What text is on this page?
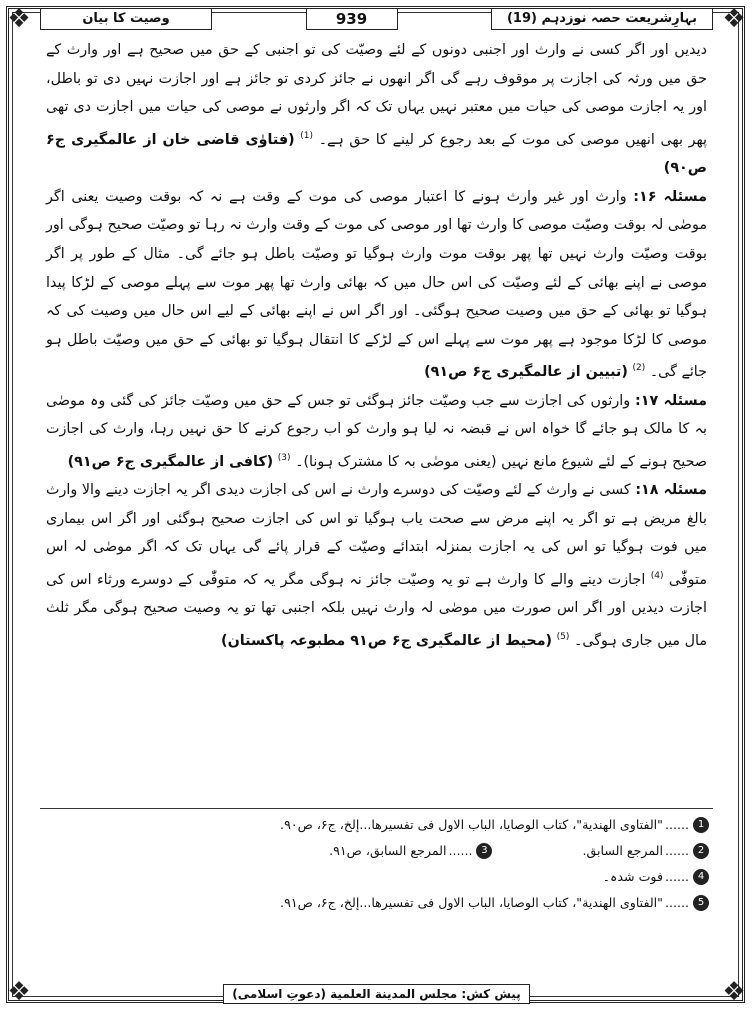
❖	❖
❖	❖
وصیت کا بیان	939	بہارِشریعت حصہ نوزدہم (19)

دیدیں اور اگر کسی نے وارث اور اجنبی دونوں کے لئے وصیّت کی تو اجنبی کے حق میں صحیح ہے اور وارث کے حق میں ورثہ کی اجازت پر موقوف رہے گی اگر انھوں نے جائز کردی تو جائز ہے اور اجازت نہیں دی تو باطل، اور یہ اجازت موصی کی حیات میں معتبر نہیں یہاں تک کہ اگر وارثوں نے موصی کی حیات میں اجازت دی تھی پھر بھی انھیں موصی کی موت کے بعد رجوع کر لینے کا حق ہے۔ $^{(1)}$ (فتاوٰی قاضی خان از عالمگیری ج۶ ص۹۰)

مسئلہ ۱۶: وارث اور غیر وارث ہونے کا اعتبار موصی کی موت کے وقت ہے نہ کہ بوقت وصیت یعنی اگر موصٰی لہ بوقت وصیّت موصی کا وارث تھا اور موصی کی موت کے وقت وارث نہ رہا تو وصیّت صحیح ہوگی اور بوقت وصیّت وارث نہیں تھا پھر بوقت موت وارث ہوگیا تو وصیّت باطل ہو جائے گی۔ مثال کے طور پر اگر موصی نے اپنے بھائی کے لئے وصیّت کی اس حال میں کہ بھائی وارث تھا پھر موت سے پہلے موصی کے لڑکا پیدا ہوگیا تو بھائی کے حق میں وصیت صحیح ہوگئی۔ اور اگر اس نے اپنے بھائی کے لیے اس حال میں وصیت کی کہ موصی کا لڑکا موجود ہے پھر موت سے پہلے اس کے لڑکے کا انتقال ہوگیا تو بھائی کے حق میں وصیّت باطل ہو جائے گی۔ $^{(2)}$ (تبیین از عالمگیری ج۶ ص۹۱)

مسئلہ ۱۷: وارثوں کی اجازت سے جب وصیّت جائز ہوگئی تو جس کے حق میں وصیّت جائز کی گئی وہ موصٰی بہ کا مالک ہو جائے گا خواہ اس نے قبضہ نہ لیا ہو وارث کو اب رجوع کرنے کا حق نہیں رہا، وارث کی اجازت صحیح ہونے کے لئے شیوع مانع نہیں (یعنی موصٰی بہ کا مشترک ہونا)۔ $^{(3)}$ (کافی از عالمگیری ج۶ ص۹۱)

مسئلہ ۱۸: کسی نے وارث کے لئے وصیّت کی دوسرے وارث نے اس کی اجازت دیدی اگر یہ اجازت دینے والا وارث بالغ مریض ہے تو اگر یہ اپنے مرض سے صحت یاب ہوگیا تو اس کی اجازت صحیح ہوگئی اور اگر اس بیماری میں فوت ہوگیا تو اس کی یہ اجازت بمنزلہ ابتدائے وصیّت کے قرار پائے گی یہاں تک کہ اگر موصٰی لہ اس متوفّٰی $^{(4)}$ اجازت دینے والے کا وارث ہے تو یہ وصیّت جائز نہ ہوگی مگر یہ کہ متوفّٰی کے دوسرے ورثاء اس کی اجازت دیدیں اور اگر اس صورت میں موصٰی لہ وارث نہیں بلکہ اجنبی تھا تو یہ وصیت صحیح ہوگی مگر ثلث مال میں جاری ہوگی۔ $^{(5)}$ (محیط از عالمگیری ج۶ ص۹۱ مطبوعہ پاکستان)

1
......
"الفتاوی الهندیة"، کتاب الوصایا، الباب الاول فی تفسیرها...إلخ، ج۶، ص۹۰.
2
......
المرجع السابق.
3
......
المرجع السابق، ص۹۱.
4
......
فوت شدہ۔
5
......
"الفتاوی الهندیة"، کتاب الوصایا، الباب الاول فی تفسیرها...إلخ، ج۶، ص۹۱.
پیش کش: مجلس المدينة العلمية (دعوتِ اسلامی)
